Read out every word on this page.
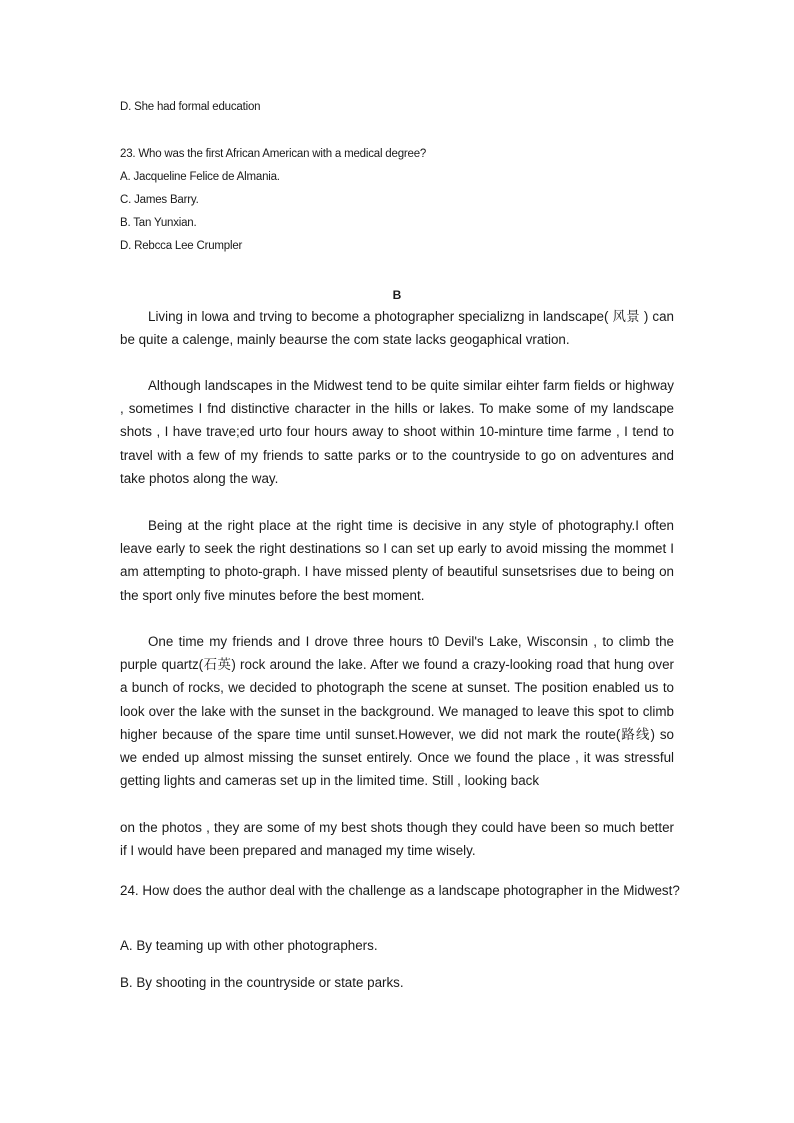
D. She had formal education
23. Who was the first African American with a medical degree?
A. Jacqueline Felice de Almania.
C. James Barry.
B. Tan Yunxian.
D. Rebcca Lee Crumpler
B

Living in lowa and trving to become a photographer specializng in landscape( 风景 ) can be quite a calenge, mainly beaurse the com state lacks geogaphical vration.

Although landscapes in the Midwest tend to be quite similar eihter farm fields or highway , sometimes I fnd distinctive character in the hills or lakes. To make some of my landscape shots , I have trave;ed urto four hours away to shoot within 10-minture time farme , I tend to travel with a few of my friends to satte parks or to the countryside to go on adventures and take photos along the way.

Being at the right place at the right time is decisive in any style of photography.I often leave early to seek the right destinations so I can set up early to avoid missing the mommet I am attempting to photo-graph. I have missed plenty of beautiful sunsetsrises due to being on the sport only five minutes before the best moment.

One time my friends and I drove three hours t0 Devil's Lake, Wisconsin , to climb the purple quartz(石英) rock around the lake. After we found a crazy-looking road that hung over a bunch of rocks, we decided to photograph the scene at sunset. The position enabled us to look over the lake with the sunset in the background. We managed to leave this spot to climb higher because of the spare time until sunset.However, we did not mark the route(路线) so we ended up almost missing the sunset entirely. Once we found the place , it was stressful getting lights and cameras set up in the limited time. Still , looking back

on the photos , they are some of my best shots though they could have been so much better if I would have been prepared and managed my time wisely.

24. How does the author deal with the challenge as a landscape photographer in the Midwest?

A. By teaming up with other photographers.
B. By shooting in the countryside or state parks.
